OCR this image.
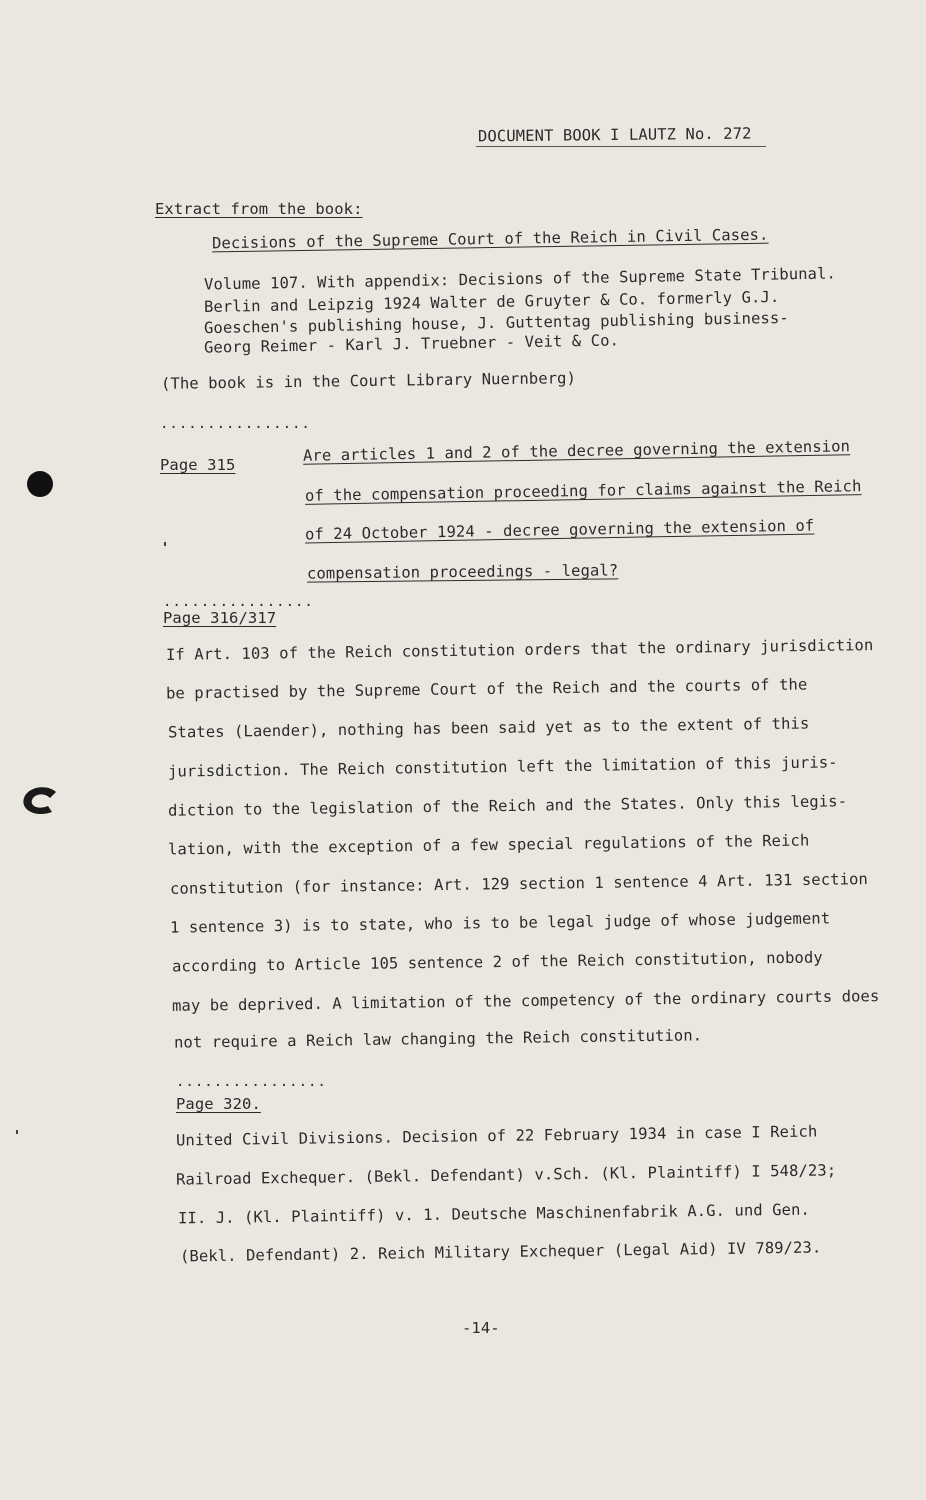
DOCUMENT BOOK I LAUTZ No. 272
Extract from the book:
Decisions of the Supreme Court of the Reich in Civil Cases.
Volume 107. With appendix: Decisions of the Supreme State Tribunal.
Berlin and Leipzig 1924 Walter de Gruyter & Co. formerly G.J.
Goeschen's publishing house, J. Guttentag publishing business-
Georg Reimer - Karl J. Truebner - Veit & Co.
(The book is in the Court Library Nuernberg)
................
Page 315
Are articles 1 and 2 of the decree governing the extension
of the compensation proceeding for claims against the Reich
of 24 October 1924 - decree governing the extension of
compensation proceedings - legal?
................
Page 316/317
If Art. 103 of the Reich constitution orders that the ordinary jurisdiction
be practised by the Supreme Court of the Reich and the courts of the
States (Laender), nothing has been said yet as to the extent of this
jurisdiction. The Reich constitution left the limitation of this juris-
diction to the legislation of the Reich and the States. Only this legis-
lation, with the exception of a few special regulations of the Reich
constitution (for instance: Art. 129 section 1 sentence 4 Art. 131 section
1 sentence 3) is to state, who is to be legal judge of whose judgement
according to Article 105 sentence 2 of the Reich constitution, nobody
may be deprived. A limitation of the competency of the ordinary courts does
not require a Reich law changing the Reich constitution.
................
Page 320.
United Civil Divisions. Decision of 22 February 1934 in case I Reich
Railroad Exchequer. (Bekl. Defendant) v.Sch. (Kl. Plaintiff) I 548/23;
II. J. (Kl. Plaintiff) v. 1. Deutsche Maschinenfabrik A.G. und Gen.
(Bekl. Defendant) 2. Reich Military Exchequer (Legal Aid) IV 789/23.
-14-
